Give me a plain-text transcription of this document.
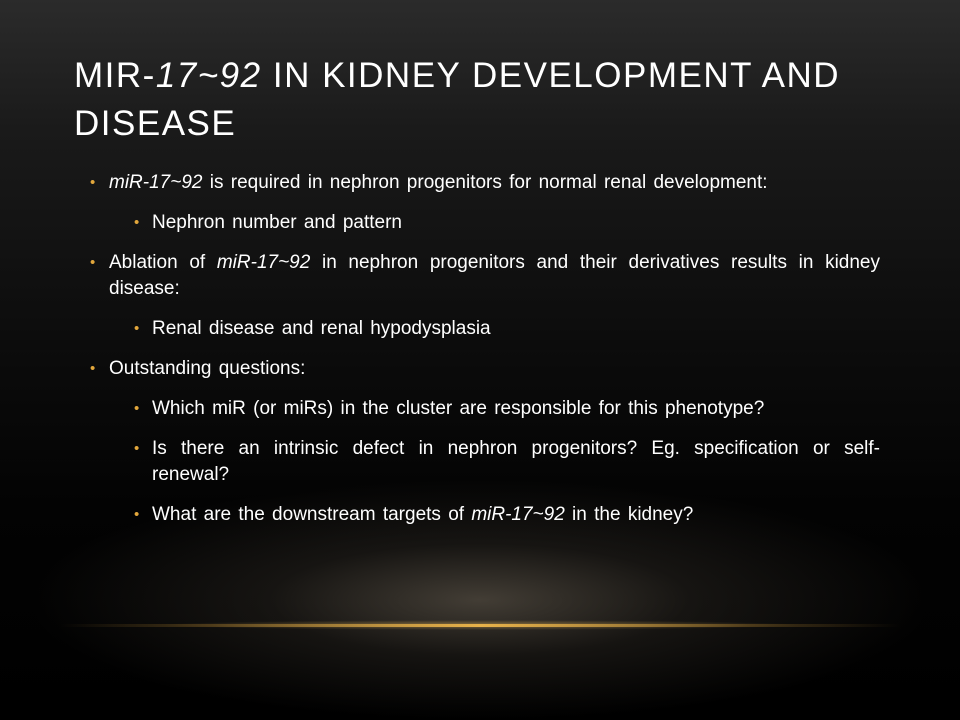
MIR-17~92 IN KIDNEY DEVELOPMENT AND DISEASE
• miR-17~92 is required in nephron progenitors for normal renal development:
• Nephron number and pattern
• Ablation of miR-17~92 in nephron progenitors and their derivatives results in kidney disease:
• Renal disease and renal hypodysplasia
• Outstanding questions:
• Which miR (or miRs) in the cluster are responsible for this phenotype?
• Is there an intrinsic defect in nephron progenitors? Eg. specification or self-renewal?
• What are the downstream targets of miR-17~92 in the kidney?
